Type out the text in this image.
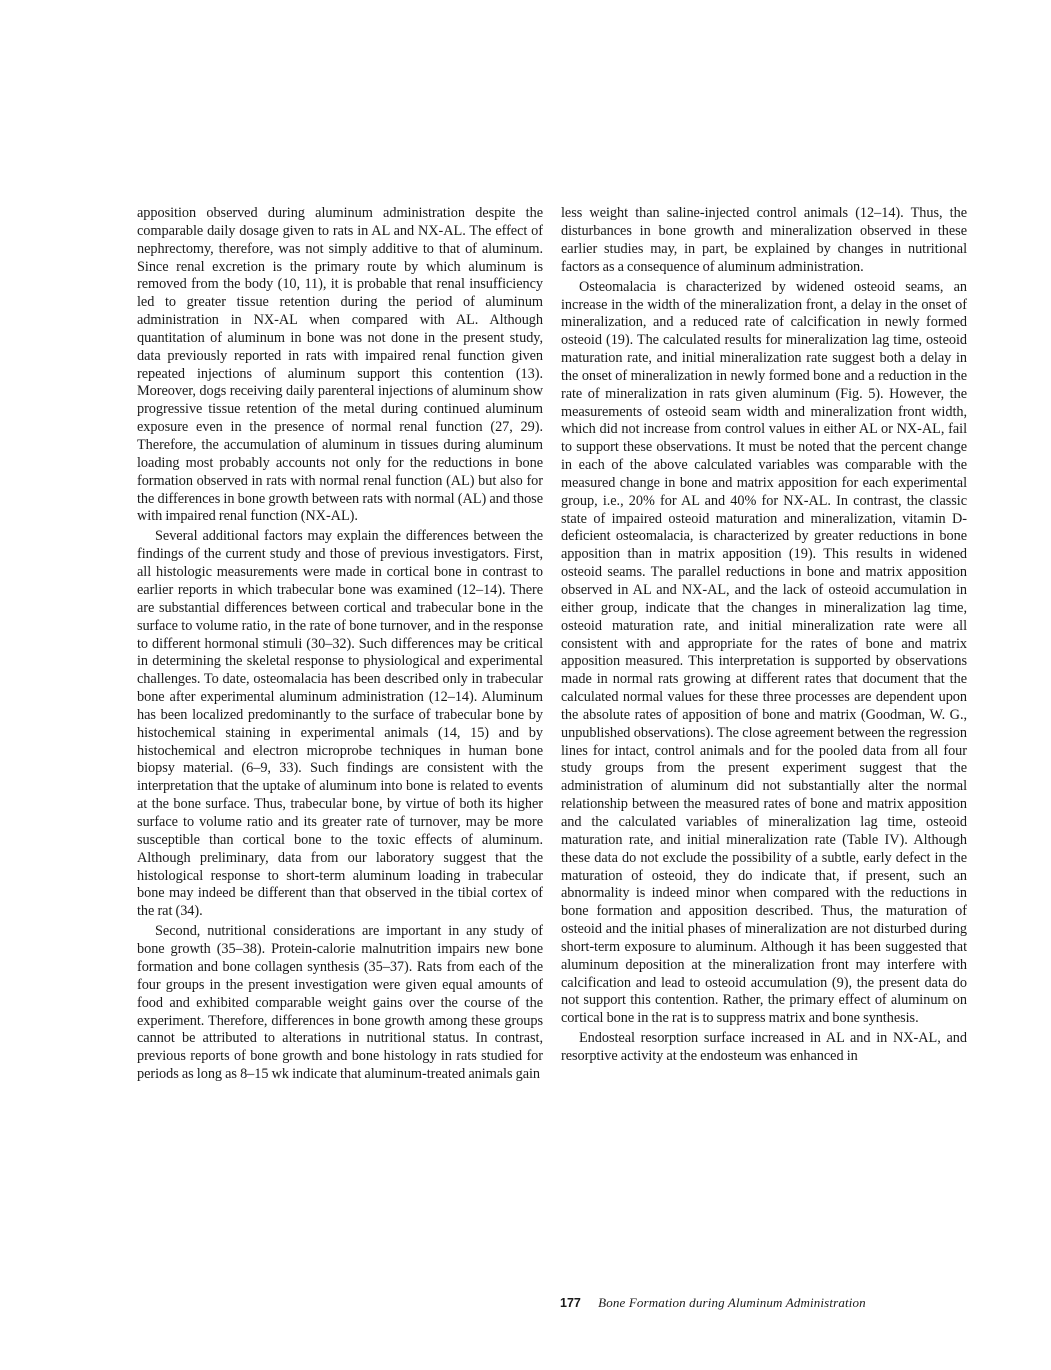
apposition observed during aluminum administration despite the comparable daily dosage given to rats in AL and NX-AL. The effect of nephrectomy, therefore, was not simply additive to that of aluminum. Since renal excretion is the primary route by which aluminum is removed from the body (10, 11), it is probable that renal insufficiency led to greater tissue retention during the period of aluminum administration in NX-AL when compared with AL. Although quantitation of aluminum in bone was not done in the present study, data previously reported in rats with impaired renal function given repeated injections of aluminum support this contention (13). Moreover, dogs receiving daily parenteral injections of aluminum show progressive tissue retention of the metal during continued aluminum exposure even in the presence of normal renal function (27, 29). Therefore, the accumulation of aluminum in tissues during aluminum loading most probably accounts not only for the reductions in bone formation observed in rats with normal renal function (AL) but also for the differences in bone growth between rats with normal (AL) and those with impaired renal function (NX-AL).

Several additional factors may explain the differences between the findings of the current study and those of previous investigators. First, all histologic measurements were made in cortical bone in contrast to earlier reports in which trabecular bone was examined (12–14). There are substantial differences between cortical and trabecular bone in the surface to volume ratio, in the rate of bone turnover, and in the response to different hormonal stimuli (30–32). Such differences may be critical in determining the skeletal response to physiological and experimental challenges. To date, osteomalacia has been described only in trabecular bone after experimental aluminum administration (12–14). Aluminum has been localized predominantly to the surface of trabecular bone by histochemical staining in experimental animals (14, 15) and by histochemical and electron microprobe techniques in human bone biopsy material. (6–9, 33). Such findings are consistent with the interpretation that the uptake of aluminum into bone is related to events at the bone surface. Thus, trabecular bone, by virtue of both its higher surface to volume ratio and its greater rate of turnover, may be more susceptible than cortical bone to the toxic effects of aluminum. Although preliminary, data from our laboratory suggest that the histological response to short-term aluminum loading in trabecular bone may indeed be different than that observed in the tibial cortex of the rat (34).

Second, nutritional considerations are important in any study of bone growth (35–38). Protein-calorie malnutrition impairs new bone formation and bone collagen synthesis (35–37). Rats from each of the four groups in the present investigation were given equal amounts of food and exhibited comparable weight gains over the course of the experiment. Therefore, differences in bone growth among these groups cannot be attributed to alterations in nutritional status. In contrast, previous reports of bone growth and bone histology in rats studied for periods as long as 8–15 wk indicate that aluminum-treated animals gain

less weight than saline-injected control animals (12–14). Thus, the disturbances in bone growth and mineralization observed in these earlier studies may, in part, be explained by changes in nutritional factors as a consequence of aluminum administration.

Osteomalacia is characterized by widened osteoid seams, an increase in the width of the mineralization front, a delay in the onset of mineralization, and a reduced rate of calcification in newly formed osteoid (19). The calculated results for mineralization lag time, osteoid maturation rate, and initial mineralization rate suggest both a delay in the onset of mineralization in newly formed bone and a reduction in the rate of mineralization in rats given aluminum (Fig. 5). However, the measurements of osteoid seam width and mineralization front width, which did not increase from control values in either AL or NX-AL, fail to support these observations. It must be noted that the percent change in each of the above calculated variables was comparable with the measured change in bone and matrix apposition for each experimental group, i.e., 20% for AL and 40% for NX-AL. In contrast, the classic state of impaired osteoid maturation and mineralization, vitamin D-deficient osteomalacia, is characterized by greater reductions in bone apposition than in matrix apposition (19). This results in widened osteoid seams. The parallel reductions in bone and matrix apposition observed in AL and NX-AL, and the lack of osteoid accumulation in either group, indicate that the changes in mineralization lag time, osteoid maturation rate, and initial mineralization rate were all consistent with and appropriate for the rates of bone and matrix apposition measured. This interpretation is supported by observations made in normal rats growing at different rates that document that the calculated normal values for these three processes are dependent upon the absolute rates of apposition of bone and matrix (Goodman, W. G., unpublished observations). The close agreement between the regression lines for intact, control animals and for the pooled data from all four study groups from the present experiment suggest that the administration of aluminum did not substantially alter the normal relationship between the measured rates of bone and matrix apposition and the calculated variables of mineralization lag time, osteoid maturation rate, and initial mineralization rate (Table IV). Although these data do not exclude the possibility of a subtle, early defect in the maturation of osteoid, they do indicate that, if present, such an abnormality is indeed minor when compared with the reductions in bone formation and apposition described. Thus, the maturation of osteoid and the initial phases of mineralization are not disturbed during short-term exposure to aluminum. Although it has been suggested that aluminum deposition at the mineralization front may interfere with calcification and lead to osteoid accumulation (9), the present data do not support this contention. Rather, the primary effect of aluminum on cortical bone in the rat is to suppress matrix and bone synthesis.

Endosteal resorption surface increased in AL and in NX-AL, and resorptive activity at the endosteum was enhanced in

177 Bone Formation during Aluminum Administration
